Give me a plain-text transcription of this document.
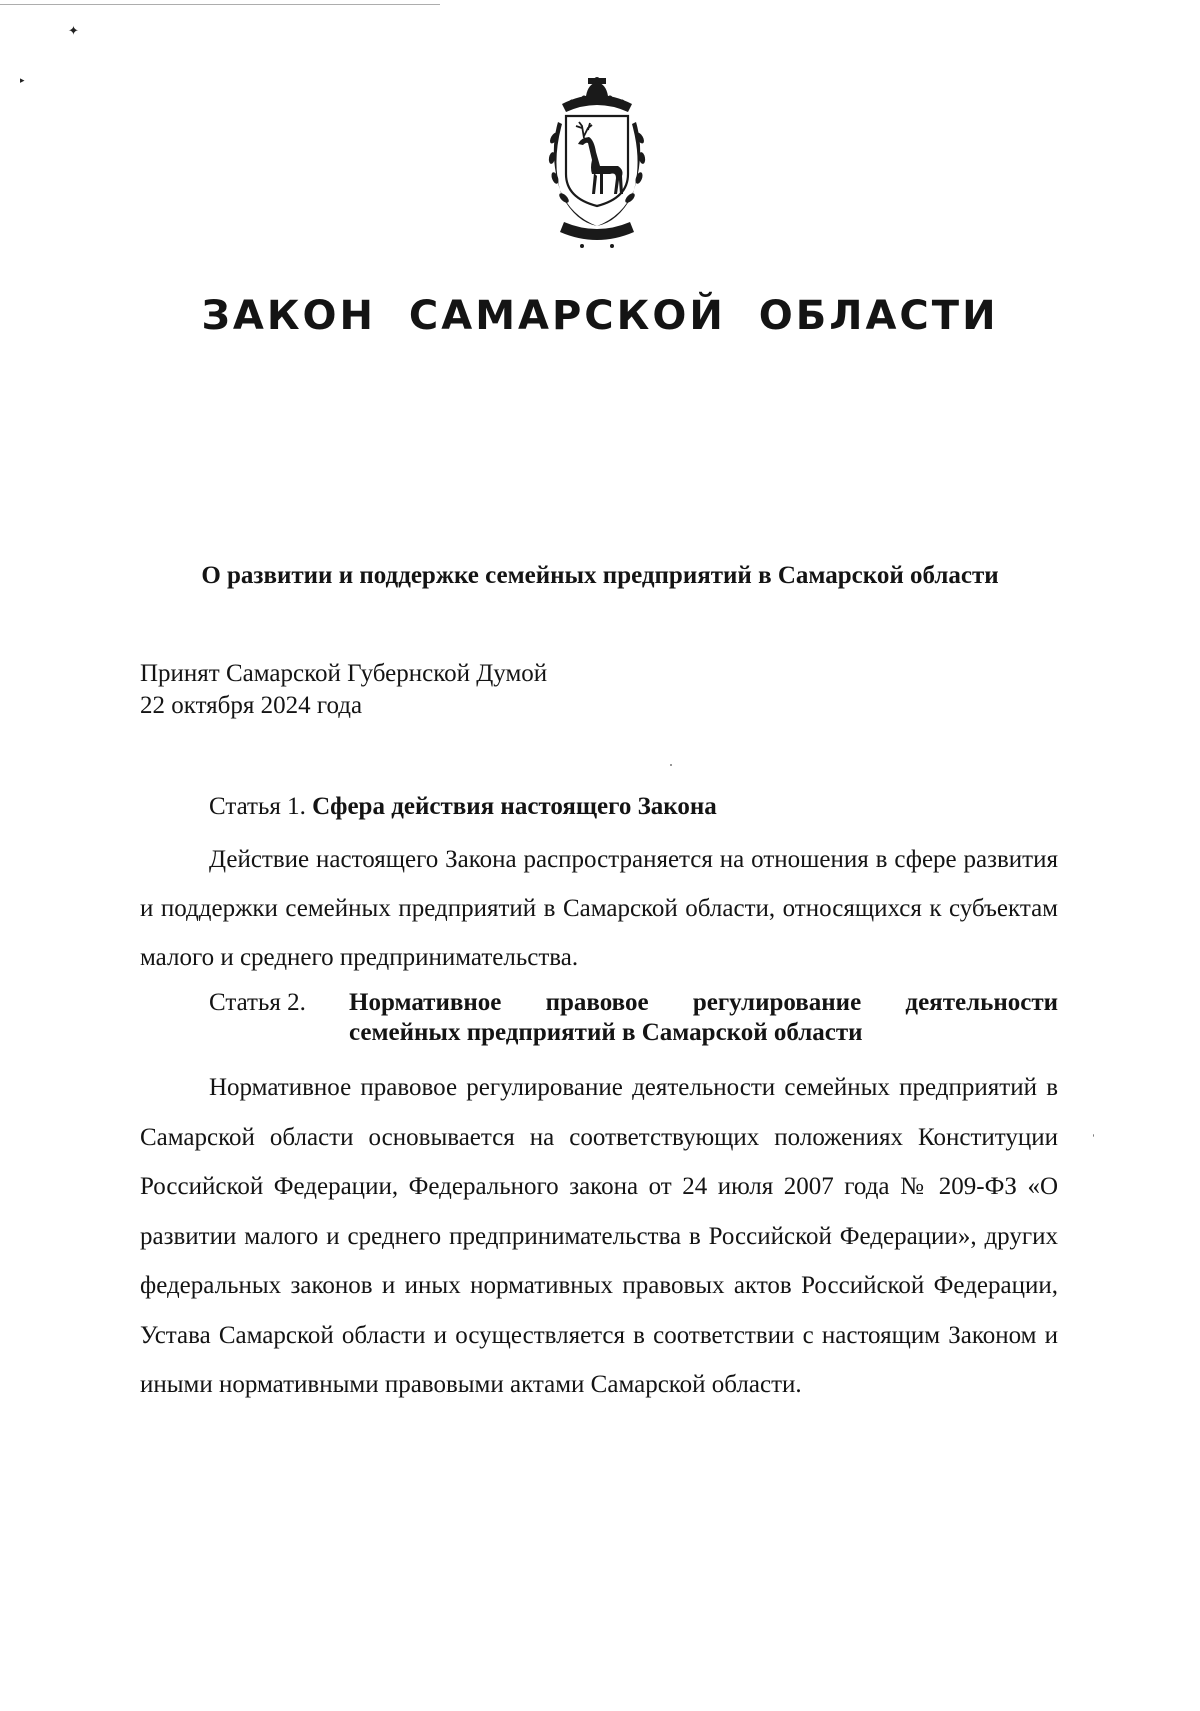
✦
▸
ЗАКОН САМАРСКОЙ ОБЛАСТИ
О развитии и поддержке семейных предприятий в Самарской области
Принят Самарской Губернской Думой
22 октября 2024 года
Статья 1. Сфера действия настоящего Закона

Действие настоящего Закона распространяется на отношения в сфере развития и поддержки семейных предприятий в Самарской области, относящихся к субъектам малого и среднего предпринимательства.

Статья 2.	Нормативное правовое регулирование деятельности семейных предприятий в Самарской области

Нормативное правовое регулирование деятельности семейных предприятий в Самарской области основывается на соответствующих положениях Конституции Российской Федерации, Федерального закона от 24 июля 2007 года № 209-ФЗ «О развитии малого и среднего предпринимательства в Российской Федерации», других федеральных законов и иных нормативных правовых актов Российской Федерации, Устава Самарской области и осуществляется в соответствии с настоящим Законом и иными нормативными правовыми актами Самарской области.
